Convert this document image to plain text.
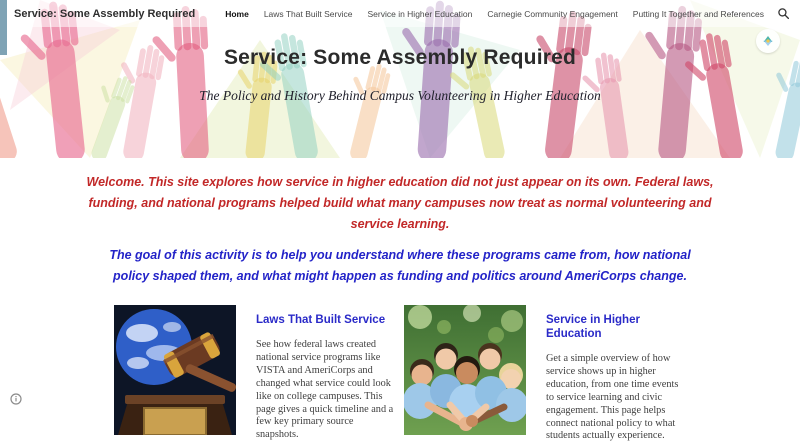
Service: Some Assembly Required	Home Laws That Built Service Service in Higher Education Carnegie Community Engagement Putting It Together and References
Service: Some Assembly Required
The Policy and History Behind Campus Volunteering in Higher Education

Welcome. This site explores how service in higher education did not just appear on its own. Federal laws, funding, and national programs helped build what many campuses now treat as normal volunteering and service learning.

The goal of this activity is to help you understand where these programs came from, how national policy shaped them, and what might happen as funding and politics around AmeriCorps change.

Laws That Built Service
See how federal laws created national service programs like VISTA and AmeriCorps and changed what service could look like on college campuses. This page gives a quick timeline and a few key primary source snapshots.
Service in Higher Education
Get a simple overview of how service shows up in higher education, from one time events to service learning and civic engagement. This page helps connect national policy to what students actually experience.
